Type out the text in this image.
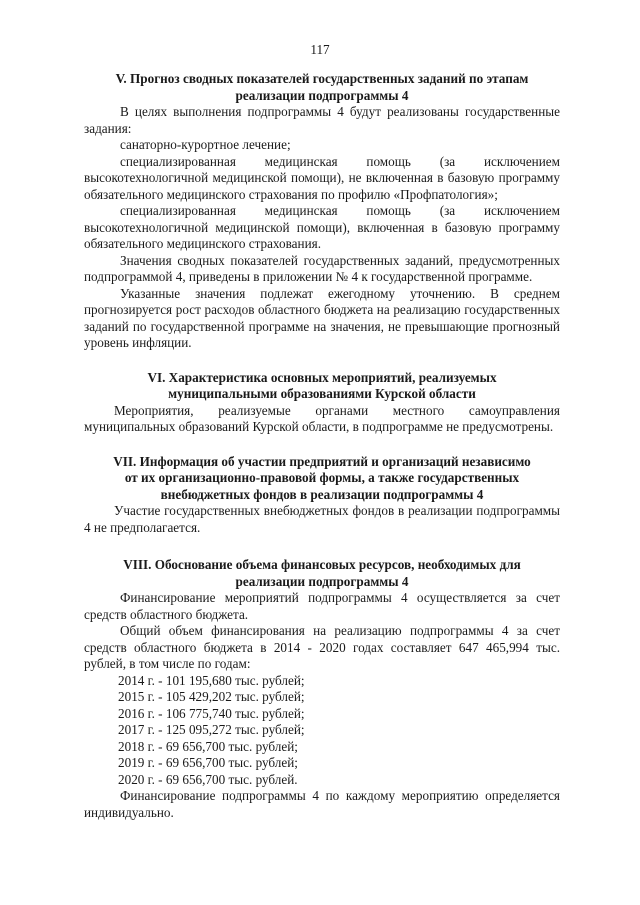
117
V. Прогноз сводных показателей государственных заданий по этапам
реализации подпрограммы 4

В целях выполнения подпрограммы 4 будут реализованы государственные задания:

санаторно-курортное лечение;

специализированная медицинская помощь (за исключением высокотехнологичной медицинской помощи), не включенная в базовую программу обязательного медицинского страхования по профилю «Профпатология»;

специализированная медицинская помощь (за исключением высокотехнологичной медицинской помощи), включенная в базовую программу обязательного медицинского страхования.

Значения сводных показателей государственных заданий, предусмотренных подпрограммой 4, приведены в приложении № 4 к государственной программе.

Указанные значения подлежат ежегодному уточнению. В среднем прогнозируется рост расходов областного бюджета на реализацию государственных заданий по государственной программе на значения, не превышающие прогнозный уровень инфляции.

VI. Характеристика основных мероприятий, реализуемых
муниципальными образованиями Курской области

Мероприятия, реализуемые органами местного самоуправления муниципальных образований Курской области, в подпрограмме не предусмотрены.

VII. Информация об участии предприятий и организаций независимо
от их организационно-правовой формы, а также государственных
внебюджетных фондов в реализации подпрограммы 4

Участие государственных внебюджетных фондов в реализации подпрограммы 4 не предполагается.

VIII. Обоснование объема финансовых ресурсов, необходимых для
реализации подпрограммы 4

Финансирование мероприятий подпрограммы 4 осуществляется за счет средств областного бюджета.

Общий объем финансирования на реализацию подпрограммы 4 за счет средств областного бюджета в 2014 - 2020 годах составляет 647 465,994 тыс. рублей, в том числе по годам:

2014 г. - 101 195,680 тыс. рублей;

2015 г. - 105 429,202 тыс. рублей;

2016 г. - 106 775,740 тыс. рублей;

2017 г. - 125 095,272 тыс. рублей;

2018 г. - 69 656,700 тыс. рублей;

2019 г. - 69 656,700 тыс. рублей;

2020 г. - 69 656,700 тыс. рублей.

Финансирование подпрограммы 4 по каждому мероприятию определяется индивидуально.
